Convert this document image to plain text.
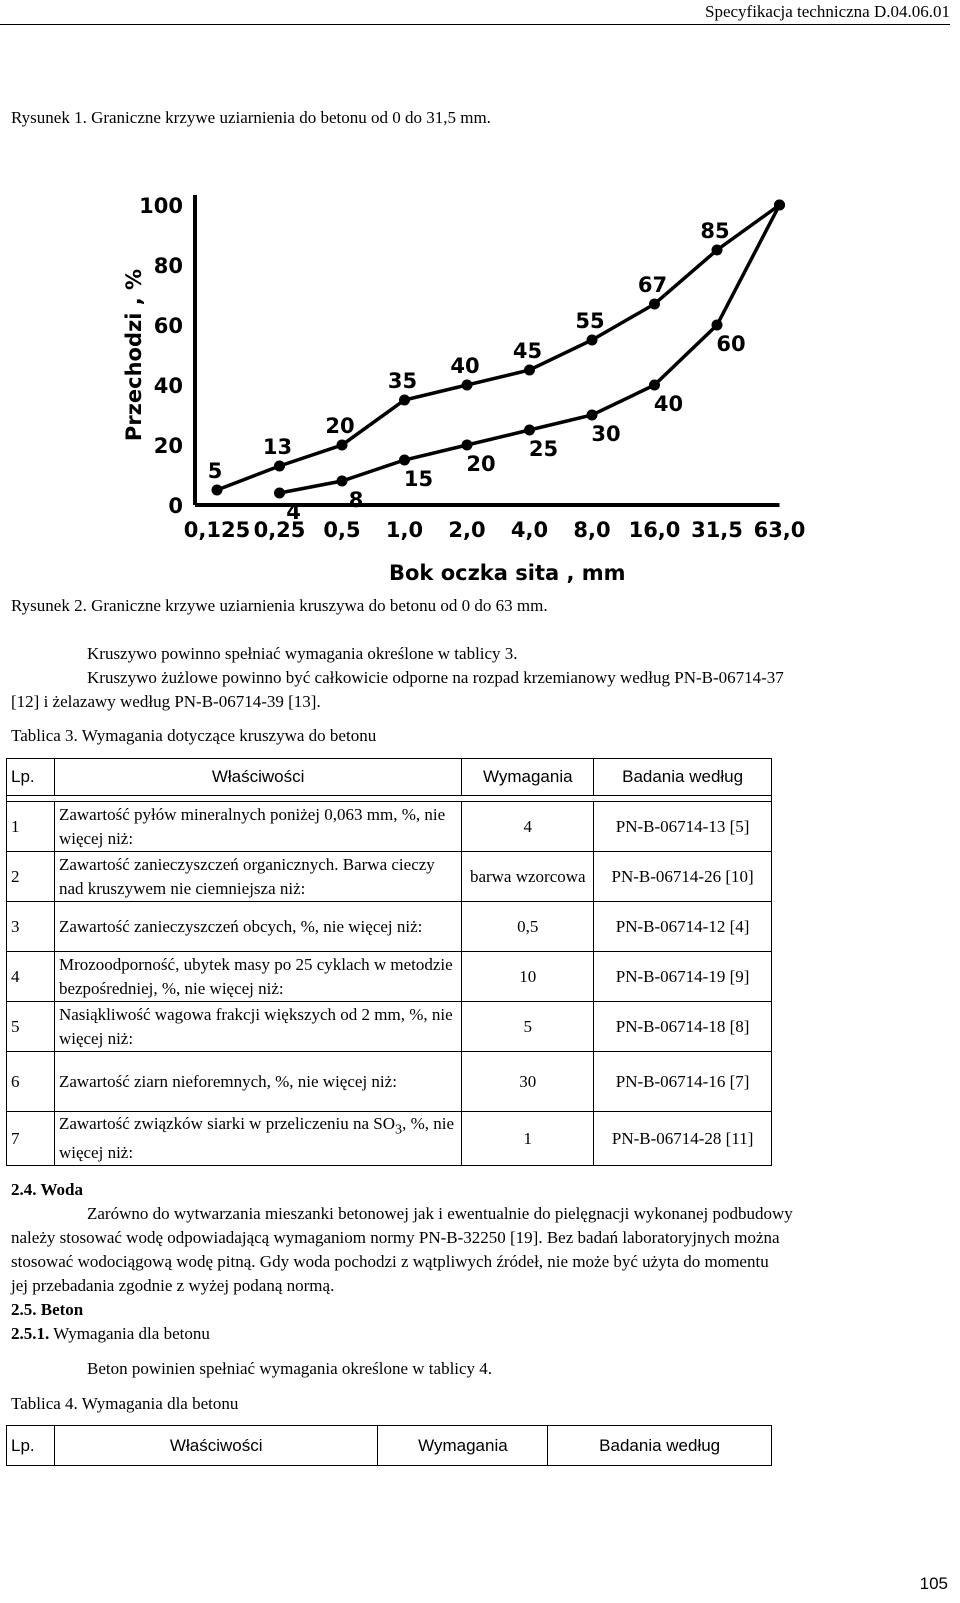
Specyfikacja techniczna D.04.06.01
Rysunek 1. Graniczne krzywe uziarnienia do betonu od 0 do 31,5 mm.
0
20
40
60
80
100
0,125 0,25 0,5 1,0 2,0 4,0 8,0 16,0 31,5 63,0
Przechodzi , %
Bok oczka sita , mm
5
13
20
35
40
45
55
67
85
4 8
15
20
25
30
40
60
Rysunek 2. Graniczne krzywe uziarnienia kruszywa do betonu od 0 do 63 mm.
Kruszywo powinno spełniać wymagania określone w tablicy 3.
Kruszywo żużlowe powinno być całkowicie odporne na rozpad krzemianowy według PN-B-06714-37
[12] i żelazawy według PN-B-06714-39 [13].
Tablica 3. Wymagania dotyczące kruszywa do betonu
Lp.	Właściwości	Wymagania	Badania według

1	Zawartość pyłów mineralnych poniżej 0,063 mm, %, nie więcej niż:	4	PN-B-06714-13 [5]
2	Zawartość zanieczyszczeń organicznych. Barwa cieczy nad kruszywem nie ciemniejsza niż:	barwa wzorcowa	PN-B-06714-26 [10]
3	Zawartość zanieczyszczeń obcych, %, nie więcej niż:	0,5	PN-B-06714-12 [4]
4	Mrozoodporność, ubytek masy po 25 cyklach w metodzie bezpośredniej, %, nie więcej niż:	10	PN-B-06714-19 [9]
5	Nasiąkliwość wagowa frakcji większych od 2 mm, %, nie więcej niż:	5	PN-B-06714-18 [8]
6	Zawartość ziarn nieforemnych, %, nie więcej niż:	30	PN-B-06714-16 [7]
7	Zawartość związków siarki w przeliczeniu na $SO_3$, %, nie więcej niż:	1	PN-B-06714-28 [11]
2.4. Woda
Zarówno do wytwarzania mieszanki betonowej jak i ewentualnie do pielęgnacji wykonanej podbudowy
należy stosować wodę odpowiadającą wymaganiom normy PN-B-32250 [19]. Bez badań laboratoryjnych można
stosować wodociągową wodę pitną. Gdy woda pochodzi z wątpliwych źródeł, nie może być użyta do momentu
jej przebadania zgodnie z wyżej podaną normą.
2.5. Beton
2.5.1. Wymagania dla betonu
Beton powinien spełniać wymagania określone w tablicy 4.
Tablica 4. Wymagania dla betonu
Lp.	Właściwości	Wymagania	Badania według
105
